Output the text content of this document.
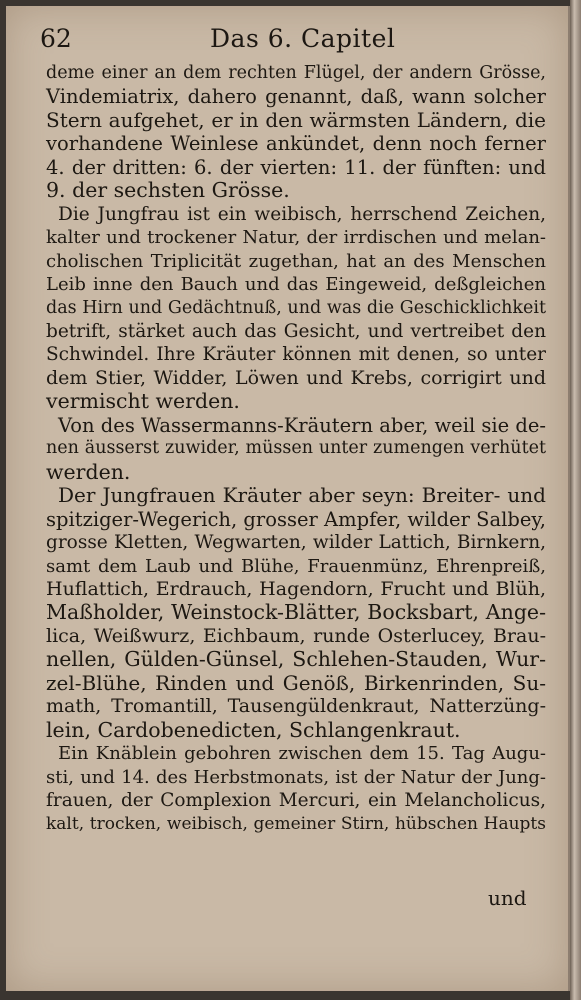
62	Das 6. Capitel
deme einer an dem rechten Flügel, der andern Grösse,
Vindemiatrix, dahero genannt, daß, wann solcher
Stern aufgehet, er in den wärmsten Ländern, die
vorhandene Weinlese ankündet, denn noch ferner
4. der dritten: 6. der vierten: 11. der fünften: und
9. der sechsten Grösse.
Die Jungfrau ist ein weibisch, herrschend Zeichen,
kalter und trockener Natur, der irrdischen und melan-
cholischen Triplicität zugethan, hat an des Menschen
Leib inne den Bauch und das Eingeweid, deßgleichen
das Hirn und Gedächtnuß, und was die Geschicklichkeit
betrift, stärket auch das Gesicht, und vertreibet den
Schwindel. Ihre Kräuter können mit denen, so unter
dem Stier, Widder, Löwen und Krebs, corrigirt und
vermischt werden.
Von des Wassermanns-Kräutern aber, weil sie de-
nen äusserst zuwider, müssen unter zumengen verhütet
werden.
Der Jungfrauen Kräuter aber seyn: Breiter- und
spitziger-Wegerich, grosser Ampfer, wilder Salbey,
grosse Kletten, Wegwarten, wilder Lattich, Birnkern,
samt dem Laub und Blühe, Frauenmünz, Ehrenpreiß,
Huflattich, Erdrauch, Hagendorn, Frucht und Blüh,
Maßholder, Weinstock-Blätter, Bocksbart, Ange-
lica, Weißwurz, Eichbaum, runde Osterlucey, Brau-
nellen, Gülden-Günsel, Schlehen-Stauden, Wur-
zel-Blühe, Rinden und Genöß, Birkenrinden, Su-
math, Tromantill, Tausengüldenkraut, Natterzüng-
lein, Cardobenedicten, Schlangenkraut.
Ein Knäblein gebohren zwischen dem 15. Tag Augu-
sti, und 14. des Herbstmonats, ist der Natur der Jung-
frauen, der Complexion Mercuri, ein Melancholicus,
kalt, trocken, weibisch, gemeiner Stirn, hübschen Haupts
und
